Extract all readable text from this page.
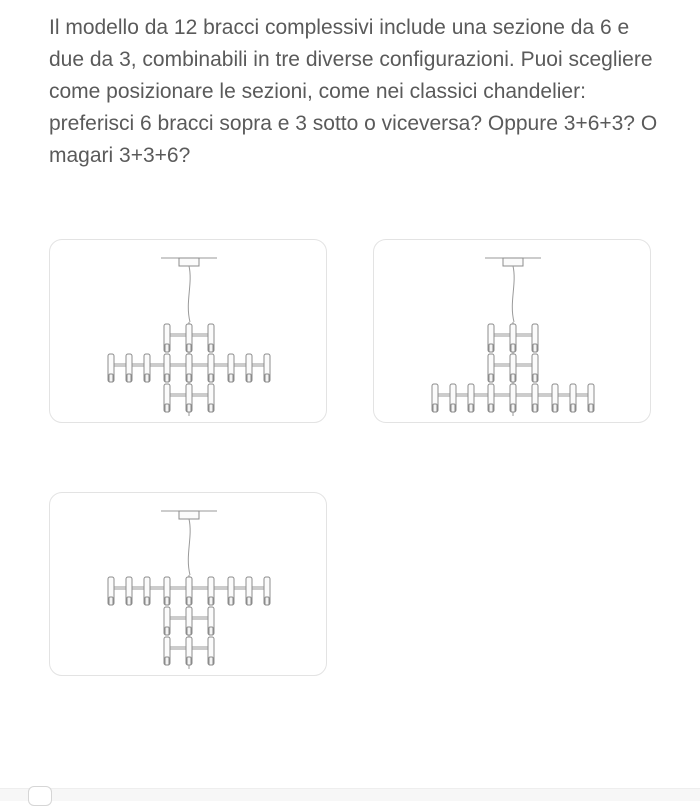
Il modello da 12 bracci complessivi include una sezione da 6 e due da 3, combinabili in tre diverse configurazioni. Puoi scegliere come posizionare le sezioni, come nei classici chandelier: preferisci 6 bracci sopra e 3 sotto o viceversa? Oppure 3+6+3? O magari 3+3+6?
